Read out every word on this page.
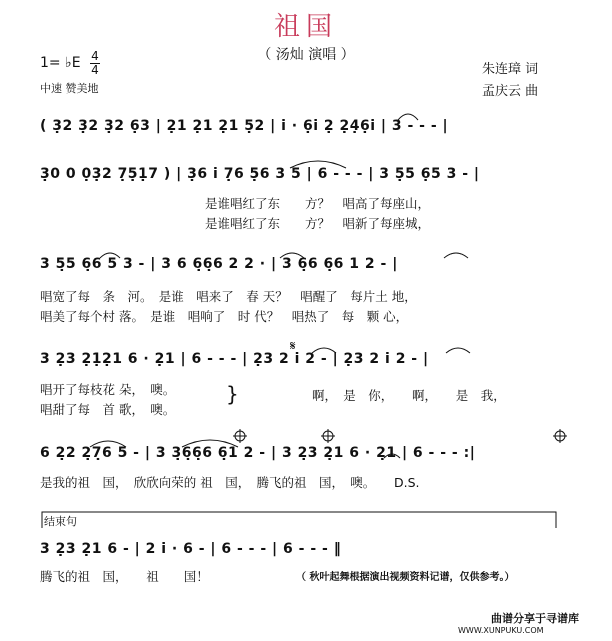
祖国
（ 汤灿 演唱 ）
朱连璋 词
孟庆云 曲
1= ♭E 4
4
中速 赞美地
( 3̣2 3̣2 3̣2 6̣3 | 2̣1 2̣1 2̣1 5̣2 | i · 6̣i 2̣ 2̣4̣6̣i | 3 - - - |
3̣0 0 0̣3̣2 7̣5̣1̣7 ) | 3̣6 i 7̣6 5̣6 3 5 | 6 - - - | 3 5̣5 6̣5 3 - |
是谁唱红了东　　方？　唱高了每座山，
是谁唱红了东　　方？　唱新了每座城，
3 5̣5 6̣6 5 3 - | 3 6 6̣6̣6 2 2 · | 3 6̣6 6̣6 1 2 - |
唱宽了每　条　河。　是谁　唱来了　春 天？　唱醒了　每片土 地，
唱美了每个村 落。　是谁　唱响了　时 代？　唱热了　每　颗 心，
3 2̣3 2̣1̣2̣1 6 · 2̣1 | 6 - - - | 2̣3 2 i 2 - | 2̣3 2 i 2 - |
唱开了每枝花 朵，　噢。
唱甜了每　首 歌，　噢。
}	啊，　是　你，　　啊，　　是　我，
6 2̣2 2̣7̣6 5 - | 3 3̣6̣6̣6 6̣1 2 - | 3 2̣3 2̣1 6 · 2̣1 | 6 - - - :|
是我的祖　国，　欣欣向荣的 祖　国，　腾飞的祖　国，　噢。　　D.S.
结束句
3 2̣3 2̣1 6 - | 2 i · 6 - | 6 - - - | 6 - - - ‖
腾飞的祖　国，　　祖　　国！	（ 秋叶起舞根据演出视频资料记谱，仅供参考。）
𝄋
曲谱分享于寻谱库
WWW.XUNPUKU.COM
